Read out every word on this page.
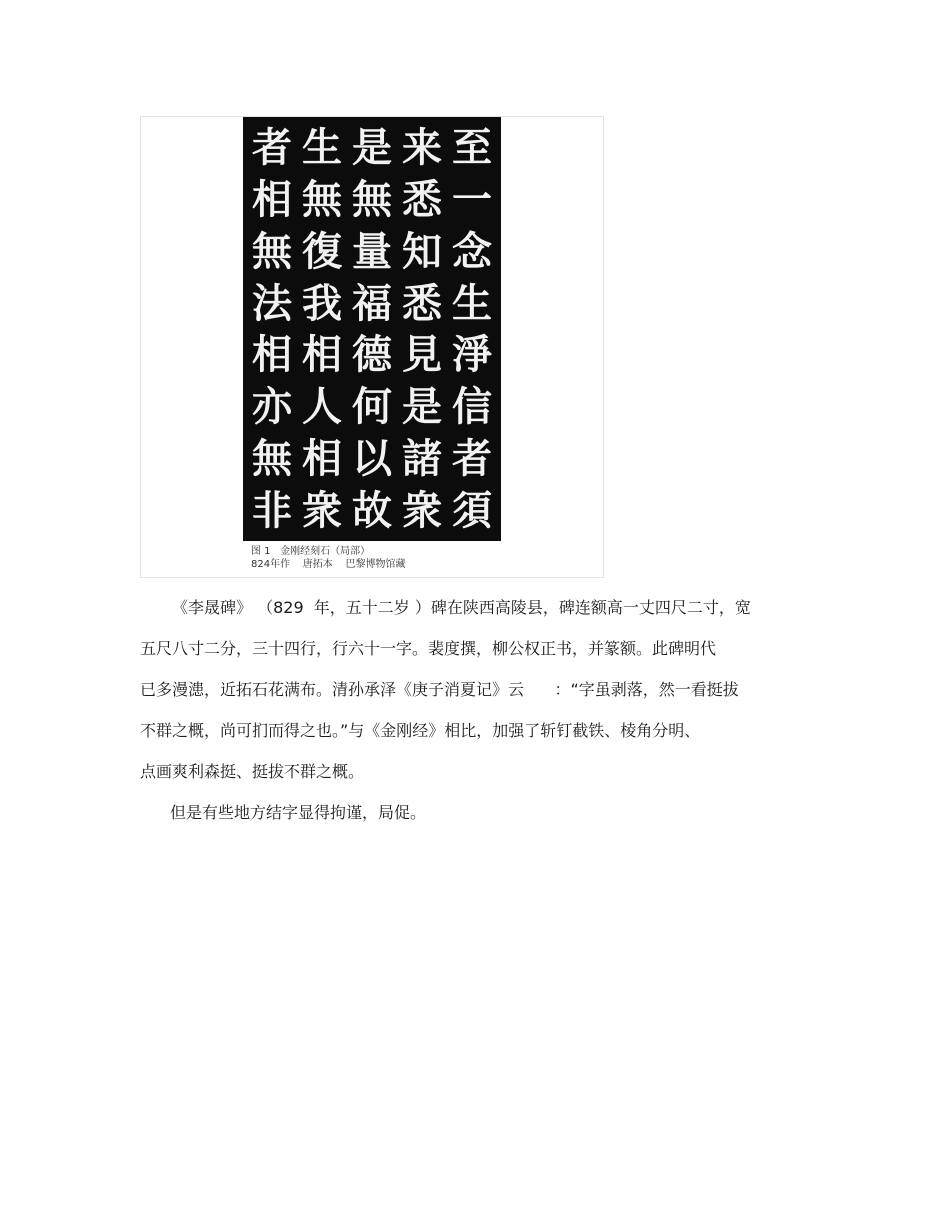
至
一
念
生
淨
信
者
須
来
悉
知
悉
見
是
諸
衆
是
無
量
福
德
何
以
故
生
無
復
我
相
人
相
衆
者
相
無
法
相
亦
無
非
图 1   金刚经刻石（局部）
824年作    唐拓本    巴黎博物馆藏
《李晟碑》 （829  年，五十二岁 ）碑在陕西高陵县，碑连额高一丈四尺二寸，宽
五尺八寸二分，三十四行，行六十一字。裴度撰，柳公权正书，并篆额。此碑明代
已多漫漶，近拓石花满布。清孙承泽《庚子消夏记》云      ：“字虽剥落，然一看挺拔
不群之概，尚可扪而得之也。”与《金刚经》相比，加强了斩钉截铁、棱角分明、
点画爽利森挺、挺拔不群之概。
但是有些地方结字显得拘谨，局促。
